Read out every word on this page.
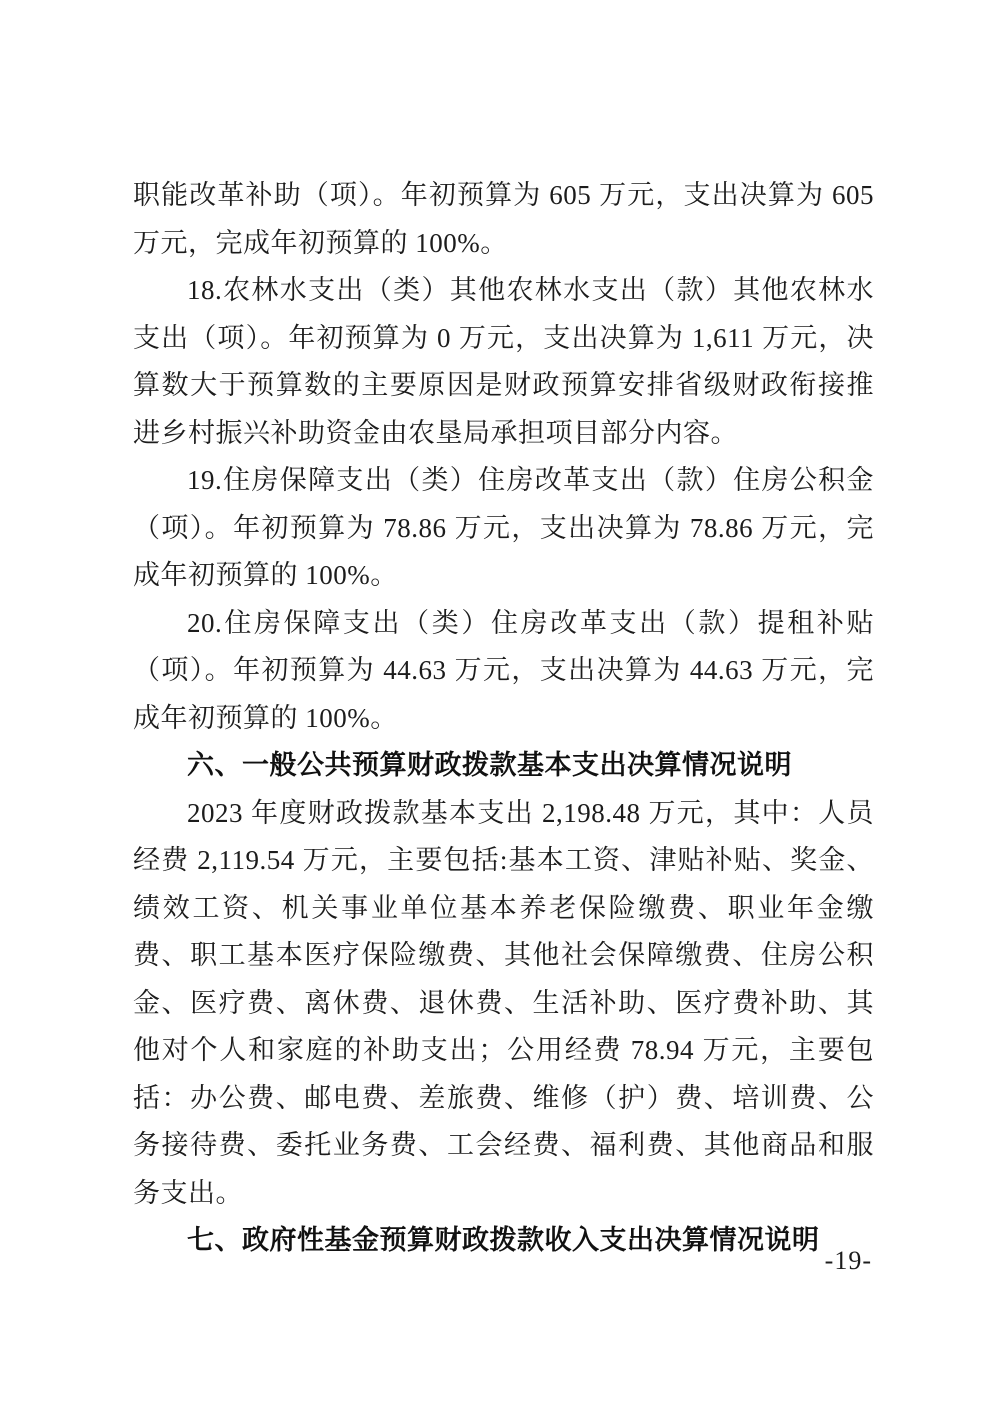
职能改革补助（项）。年初预算为 605 万元，支出决算为 605 万元，完成年初预算的 100%。

18.农林水支出（类）其他农林水支出（款）其他农林水支出（项）。年初预算为 0 万元，支出决算为 1,611 万元，决算数大于预算数的主要原因是财政预算安排省级财政衔接推进乡村振兴补助资金由农垦局承担项目部分内容。

19.住房保障支出（类）住房改革支出（款）住房公积金（项）。年初预算为 78.86 万元，支出决算为 78.86 万元，完成年初预算的 100%。

20.住房保障支出（类）住房改革支出（款）提租补贴（项）。年初预算为 44.63 万元，支出决算为 44.63 万元，完成年初预算的 100%。

六、一般公共预算财政拨款基本支出决算情况说明

2023 年度财政拨款基本支出 2,198.48 万元，其中：人员经费 2,119.54 万元，主要包括:基本工资、津贴补贴、奖金、绩效工资、机关事业单位基本养老保险缴费、职业年金缴费、职工基本医疗保险缴费、其他社会保障缴费、住房公积金、医疗费、离休费、退休费、生活补助、医疗费补助、其他对个人和家庭的补助支出；公用经费 78.94 万元，主要包括：办公费、邮电费、差旅费、维修（护）费、培训费、公务接待费、委托业务费、工会经费、福利费、其他商品和服务支出。

七、政府性基金预算财政拨款收入支出决算情况说明
-19-
